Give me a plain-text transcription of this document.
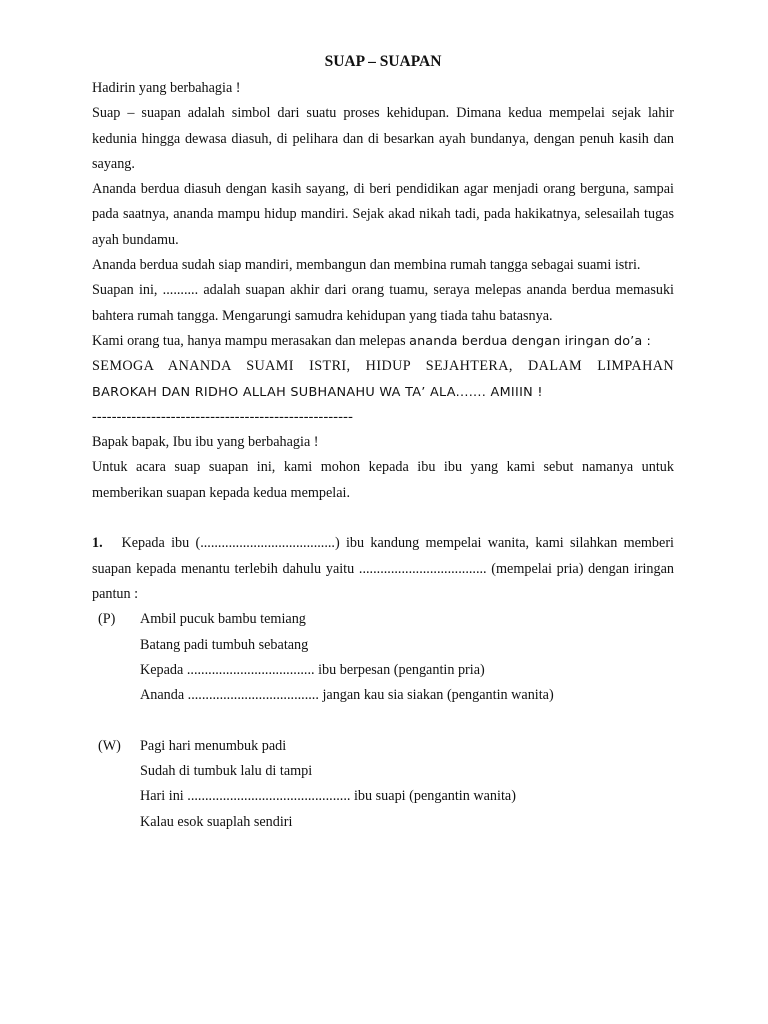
SUAP – SUAPAN

Hadirin yang berbahagia !

Suap – suapan adalah simbol dari suatu proses kehidupan. Dimana kedua mempelai sejak lahir kedunia hingga dewasa diasuh, di pelihara dan di besarkan ayah bundanya, dengan penuh kasih dan sayang.

Ananda berdua diasuh dengan kasih sayang, di beri pendidikan agar menjadi orang berguna, sampai pada saatnya, ananda mampu hidup mandiri. Sejak akad nikah tadi, pada hakikatnya, selesailah tugas ayah bundamu.

Ananda berdua sudah siap mandiri, membangun dan membina rumah tangga sebagai suami istri.

Suapan ini, .......... adalah suapan akhir dari orang tuamu, seraya melepas ananda berdua memasuki bahtera rumah tangga. Mengarungi samudra kehidupan yang tiada tahu batasnya.

Kami orang tua, hanya mampu merasakan dan melepas ananda berdua dengan iringan do’a :

SEMOGA ANANDA SUAMI ISTRI, HIDUP SEJAHTERA, DALAM LIMPAHAN

BAROKAH DAN RIDHO ALLAH SUBHANAHU WA TA’ ALA....... AMIIIN !

-----------------------------------------------------

Bapak bapak, Ibu ibu yang berbahagia !

Untuk acara suap suapan ini, kami mohon kepada ibu ibu yang kami sebut namanya untuk memberikan suapan kepada kedua mempelai.

1. Kepada ibu (......................................) ibu kandung mempelai wanita, kami silahkan memberi suapan kepada menantu terlebih dahulu yaitu .................................... (mempelai pria) dengan iringan pantun :

(P) Ambil pucuk bambu temiang
Batang padi tumbuh sebatang
Kepada .................................... ibu berpesan (pengantin pria)
Ananda ..................................... jangan kau sia siakan (pengantin wanita)
(W) Pagi hari menumbuk padi
Sudah di tumbuk lalu di tampi
Hari ini .............................................. ibu suapi (pengantin wanita)
Kalau esok suaplah sendiri
